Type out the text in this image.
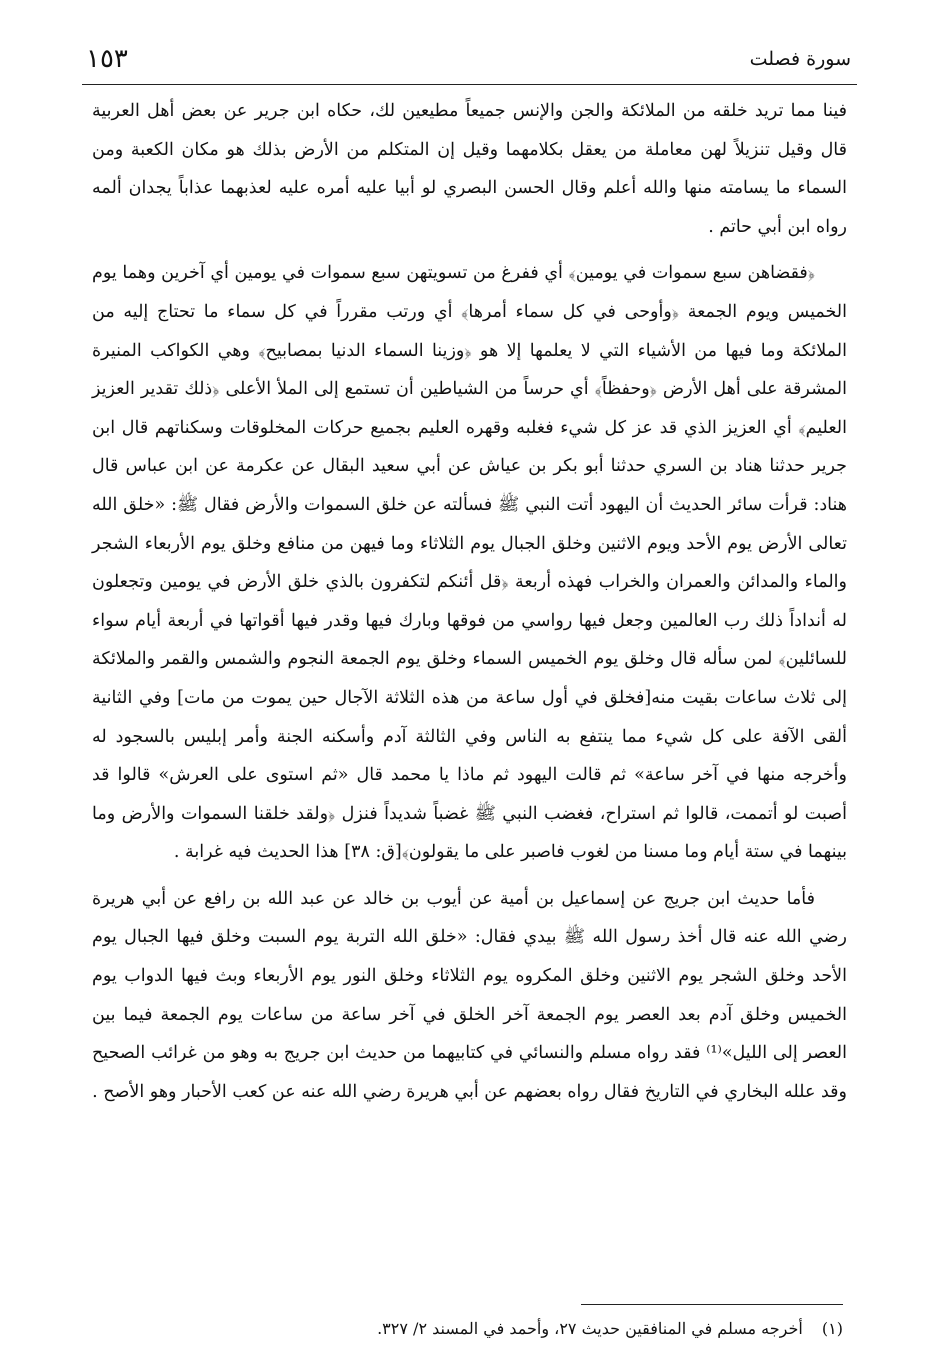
سورة فصلت
١٥٣

فينا مما تريد خلقه من الملائكة والجن والإنس جميعاً مطيعين لك، حكاه ابن جرير عن بعض أهل العربية قال وقيل تنزيلاً لهن معاملة من يعقل بكلامهما وقيل إن المتكلم من الأرض بذلك هو مكان الكعبة ومن السماء ما يسامته منها والله أعلم وقال الحسن البصري لو أبيا عليه أمره عليه لعذبهما عذاباً يجدان ألمه رواه ابن أبي حاتم .

﴿فقضاهن سبع سموات في يومين﴾ أي ففرغ من تسويتهن سبع سموات في يومين أي آخرين وهما يوم الخميس ويوم الجمعة ﴿وأوحى في كل سماء أمرها﴾ أي ورتب مقرراً في كل سماء ما تحتاج إليه من الملائكة وما فيها من الأشياء التي لا يعلمها إلا هو ﴿وزينا السماء الدنيا بمصابيح﴾ وهي الكواكب المنيرة المشرقة على أهل الأرض ﴿وحفظاً﴾ أي حرساً من الشياطين أن تستمع إلى الملأ الأعلى ﴿ذلك تقدير العزيز العليم﴾ أي العزيز الذي قد عز كل شيء فغلبه وقهره العليم بجميع حركات المخلوقات وسكناتهم قال ابن جرير حدثنا هناد بن السري حدثنا أبو بكر بن عياش عن أبي سعيد البقال عن عكرمة عن ابن عباس قال هناد: قرأت سائر الحديث أن اليهود أتت النبي ﷺ فسألته عن خلق السموات والأرض فقال ﷺ: «خلق الله تعالى الأرض يوم الأحد ويوم الاثنين وخلق الجبال يوم الثلاثاء وما فيهن من منافع وخلق يوم الأربعاء الشجر والماء والمدائن والعمران والخراب فهذه أربعة ﴿قل أئنكم لتكفرون بالذي خلق الأرض في يومين وتجعلون له أنداداً ذلك رب العالمين وجعل فيها رواسي من فوقها وبارك فيها وقدر فيها أقواتها في أربعة أيام سواء للسائلين﴾ لمن سأله قال وخلق يوم الخميس السماء وخلق يوم الجمعة النجوم والشمس والقمر والملائكة إلى ثلاث ساعات بقيت منه[فخلق في أول ساعة من هذه الثلاثة الآجال حين يموت من مات] وفي الثانية ألقى الآفة على كل شيء مما ينتفع به الناس وفي الثالثة آدم وأسكنه الجنة وأمر إبليس بالسجود له وأخرجه منها في آخر ساعة» ثم قالت اليهود ثم ماذا يا محمد قال «ثم استوى على العرش» قالوا قد أصبت لو أتممت، قالوا ثم استراح، فغضب النبي ﷺ غضباً شديداً فنزل ﴿ولقد خلقنا السموات والأرض وما بينهما في ستة أيام وما مسنا من لغوب فاصبر على ما يقولون﴾[ق: ٣٨] هذا الحديث فيه غرابة .

فأما حديث ابن جريج عن إسماعيل بن أمية عن أيوب بن خالد عن عبد الله بن رافع عن أبي هريرة رضي الله عنه قال أخذ رسول الله ﷺ بيدي فقال: «خلق الله التربة يوم السبت وخلق فيها الجبال يوم الأحد وخلق الشجر يوم الاثنين وخلق المكروه يوم الثلاثاء وخلق النور يوم الأربعاء وبث فيها الدواب يوم الخميس وخلق آدم بعد العصر يوم الجمعة آخر الخلق في آخر ساعة من ساعات يوم الجمعة فيما بين العصر إلى الليل»⁽¹⁾ فقد رواه مسلم والنسائي في كتابيهما من حديث ابن جريج به وهو من غرائب الصحيح وقد علله البخاري في التاريخ فقال رواه بعضهم عن أبي هريرة رضي الله عنه عن كعب الأحبار وهو الأصح .

(١) أخرجه مسلم في المنافقين حديث ٢٧، وأحمد في المسند ٢/ ٣٢٧.
